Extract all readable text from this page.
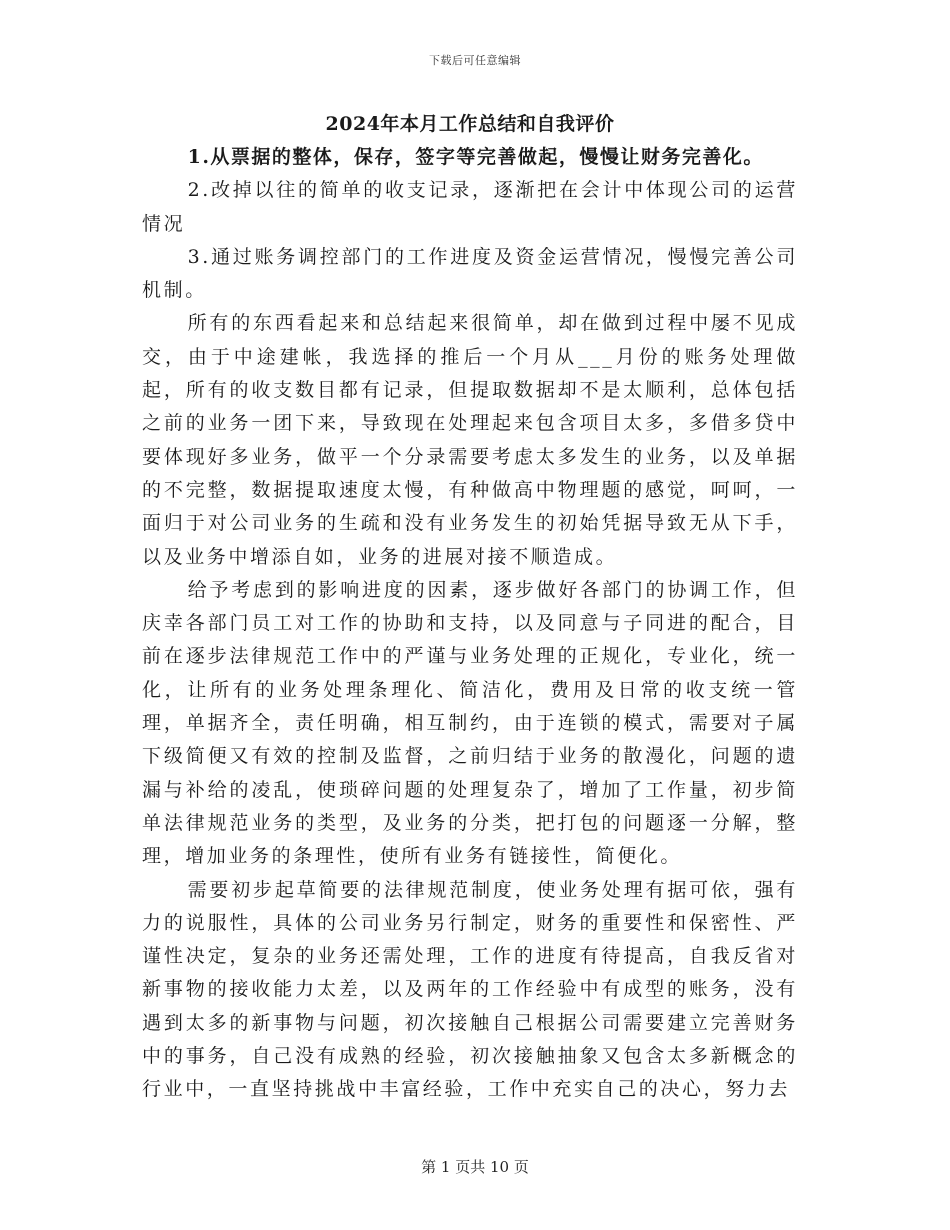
下载后可任意编辑
2024年本月工作总结和自我评价

1.从票据的整体，保存，签字等完善做起，慢慢让财务完善化。

2.改掉以往的简单的收支记录，逐渐把在会计中体现公司的运营情况

3.通过账务调控部门的工作进度及资金运营情况，慢慢完善公司机制。

所有的东西看起来和总结起来很简单，却在做到过程中屡不见成交，由于中途建帐，我选择的推后一个月从___月份的账务处理做起，所有的收支数目都有记录，但提取数据却不是太顺利，总体包括之前的业务一团下来，导致现在处理起来包含项目太多，多借多贷中要体现好多业务，做平一个分录需要考虑太多发生的业务，以及单据的不完整，数据提取速度太慢，有种做高中物理题的感觉，呵呵，一面归于对公司业务的生疏和没有业务发生的初始凭据导致无从下手，以及业务中增添自如，业务的进展对接不顺造成。

给予考虑到的影响进度的因素，逐步做好各部门的协调工作，但庆幸各部门员工对工作的协助和支持，以及同意与子同进的配合，目前在逐步法律规范工作中的严谨与业务处理的正规化，专业化，统一化，让所有的业务处理条理化、简洁化，费用及日常的收支统一管理，单据齐全，责任明确，相互制约，由于连锁的模式，需要对子属下级简便又有效的控制及监督，之前归结于业务的散漫化，问题的遗漏与补给的凌乱，使琐碎问题的处理复杂了，增加了工作量，初步简单法律规范业务的类型，及业务的分类，把打包的问题逐一分解，整理，增加业务的条理性，使所有业务有链接性，简便化。

需要初步起草简要的法律规范制度，使业务处理有据可依，强有力的说服性，具体的公司业务另行制定，财务的重要性和保密性、严谨性决定，复杂的业务还需处理，工作的进度有待提高，自我反省对新事物的接收能力太差，以及两年的工作经验中有成型的账务，没有遇到太多的新事物与问题，初次接触自己根据公司需要建立完善财务中的事务，自己没有成熟的经验，初次接触抽象又包含太多新概念的行业中，一直坚持挑战中丰富经验，工作中充实自己的决心，努力去

第 1 页共 10 页
